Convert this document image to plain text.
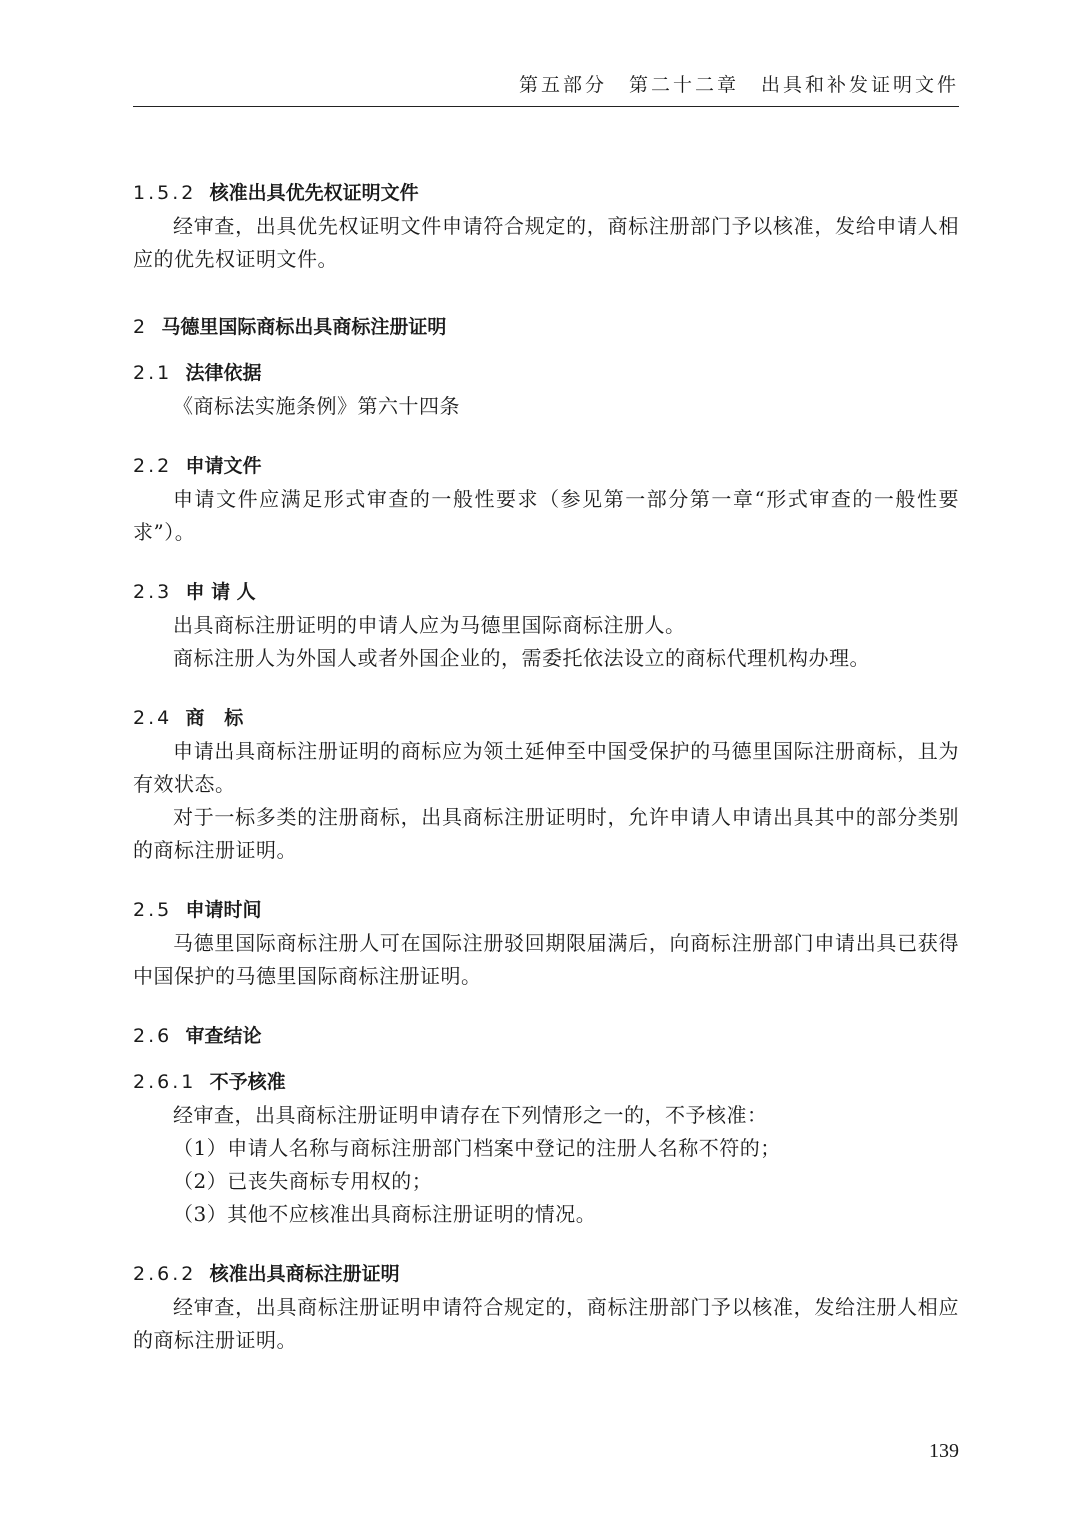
第五部分 第二十二章 出具和补发证明文件
1.5.2 核准出具优先权证明文件

经审查，出具优先权证明文件申请符合规定的，商标注册部门予以核准，发给申请人相应的优先权证明文件。

2 马德里国际商标出具商标注册证明
2.1 法律依据

《商标法实施条例》第六十四条

2.2 申请文件

申请文件应满足形式审查的一般性要求（参见第一部分第一章“形式审查的一般性要求”）。

2.3 申 请 人

出具商标注册证明的申请人应为马德里国际商标注册人。

商标注册人为外国人或者外国企业的，需委托依法设立的商标代理机构办理。

2.4 商   标

申请出具商标注册证明的商标应为领土延伸至中国受保护的马德里国际注册商标，且为有效状态。

对于一标多类的注册商标，出具商标注册证明时，允许申请人申请出具其中的部分类别的商标注册证明。

2.5 申请时间

马德里国际商标注册人可在国际注册驳回期限届满后，向商标注册部门申请出具已获得中国保护的马德里国际商标注册证明。

2.6 审查结论
2.6.1 不予核准

经审查，出具商标注册证明申请存在下列情形之一的，不予核准：

（1）申请人名称与商标注册部门档案中登记的注册人名称不符的；

（2）已丧失商标专用权的；

（3）其他不应核准出具商标注册证明的情况。

2.6.2 核准出具商标注册证明

经审查，出具商标注册证明申请符合规定的，商标注册部门予以核准，发给注册人相应的商标注册证明。

139
